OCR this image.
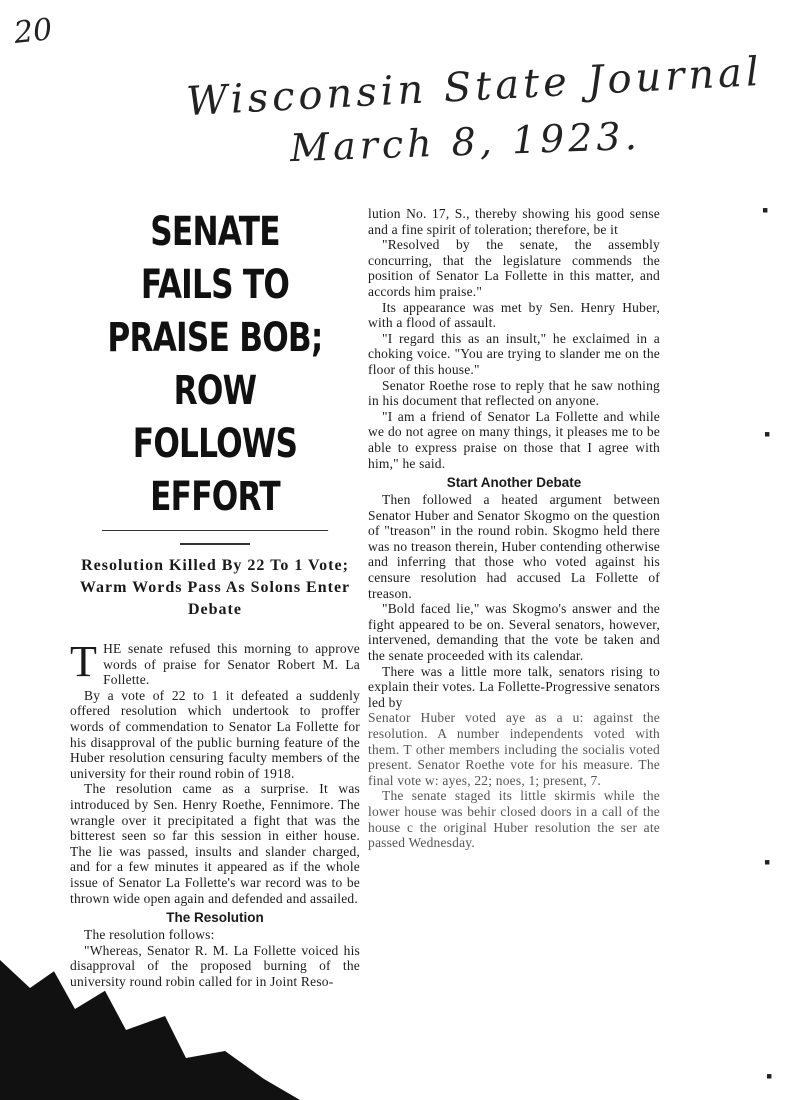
20
Wisconsin State Journal
March 8, 1923.
SENATE FAILS TO
PRAISE BOB; ROW
FOLLOWS EFFORT
Resolution Killed By 22 To 1 Vote; Warm Words Pass As Solons Enter Debate

THE senate refused this morning to approve words of praise for Senator Robert M. La Follette.

By a vote of 22 to 1 it defeated a suddenly offered resolution which undertook to proffer words of commendation to Senator La Follette for his disapproval of the public burning feature of the Huber resolution censuring faculty members of the university for their round robin of 1918.

The resolution came as a surprise. It was introduced by Sen. Henry Roethe, Fennimore. The wrangle over it precipitated a fight that was the bitterest seen so far this session in either house. The lie was passed, insults and slander charged, and for a few minutes it appeared as if the whole issue of Senator La Follette's war record was to be thrown wide open again and defended and assailed.

The Resolution

The resolution follows:

"Whereas, Senator R. M. La Follette voiced his disapproval of the proposed burning of the university round robin called for in Joint Reso-

lution No. 17, S., thereby showing his good sense and a fine spirit of toleration; therefore, be it

"Resolved by the senate, the assembly concurring, that the legislature commends the position of Senator La Follette in this matter, and accords him praise."

Its appearance was met by Sen. Henry Huber, with a flood of assault.

"I regard this as an insult," he exclaimed in a choking voice. "You are trying to slander me on the floor of this house."

Senator Roethe rose to reply that he saw nothing in his document that reflected on anyone.

"I am a friend of Senator La Follette and while we do not agree on many things, it pleases me to be able to express praise on those that I agree with him," he said.

Start Another Debate

Then followed a heated argument between Senator Huber and Senator Skogmo on the question of "treason" in the round robin. Skogmo held there was no treason therein, Huber contending otherwise and inferring that those who voted against his censure resolution had accused La Follette of treason.

"Bold faced lie," was Skogmo's answer and the fight appeared to be on. Several senators, however, intervened, demanding that the vote be taken and the senate proceeded with its calendar.

There was a little more talk, senators rising to explain their votes. La Follette-Progressive senators led by

Senator Huber voted aye as a u: against the resolution. A number independents voted with them. T other members including the socialis voted present. Senator Roethe vote for his measure. The final vote w: ayes, 22; noes, 1; present, 7.

The senate staged its little skirmis while the lower house was behir closed doors in a call of the house c the original Huber resolution the ser ate passed Wednesday.

▪
▪
▪
▪
